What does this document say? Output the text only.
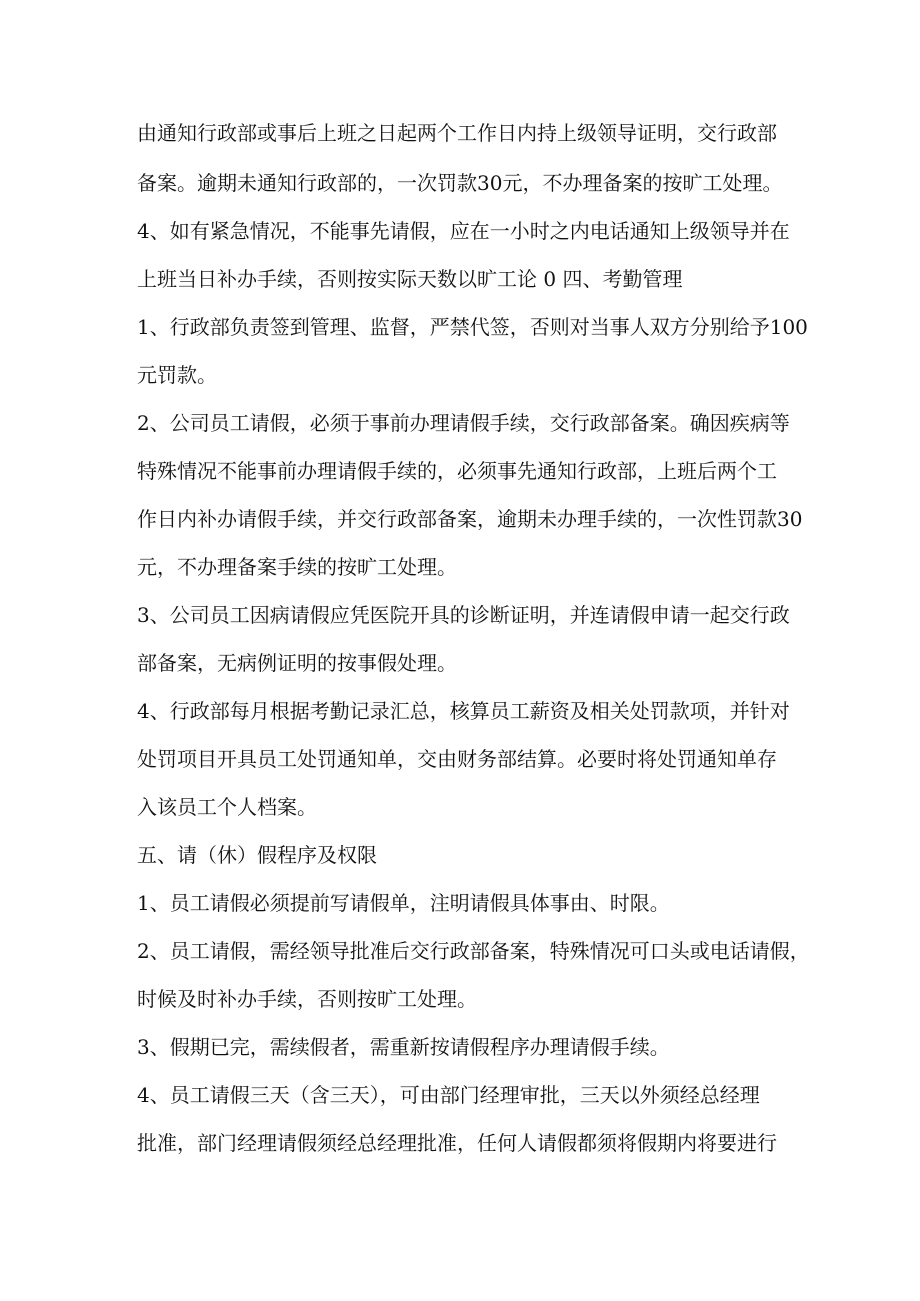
由通知行政部或事后上班之日起两个工作日内持上级领导证明，交行政部

备案。逾期未通知行政部的，一次罚款30元，不办理备案的按旷工处理。

4、如有紧急情况，不能事先请假，应在一小时之内电话通知上级领导并在

上班当日补办手续，否则按实际天数以旷工论 0 四、考勤管理

1、行政部负责签到管理、监督，严禁代签，否则对当事人双方分别给予100

元罚款。

2、公司员工请假，必须于事前办理请假手续，交行政部备案。确因疾病等

特殊情况不能事前办理请假手续的，必须事先通知行政部，上班后两个工

作日内补办请假手续，并交行政部备案，逾期未办理手续的，一次性罚款30

元，不办理备案手续的按旷工处理。

3、公司员工因病请假应凭医院开具的诊断证明，并连请假申请一起交行政

部备案，无病例证明的按事假处理。

4、行政部每月根据考勤记录汇总，核算员工薪资及相关处罚款项，并针对

处罚项目开具员工处罚通知单，交由财务部结算。必要时将处罚通知单存

入该员工个人档案。

五、请（休）假程序及权限

1、员工请假必须提前写请假单，注明请假具体事由、时限。

2、员工请假，需经领导批准后交行政部备案，特殊情况可口头或电话请假，

时候及时补办手续，否则按旷工处理。

3、假期已完，需续假者，需重新按请假程序办理请假手续。

4、员工请假三天（含三天），可由部门经理审批，三天以外须经总经理

批准，部门经理请假须经总经理批准，任何人请假都须将假期内将要进行
